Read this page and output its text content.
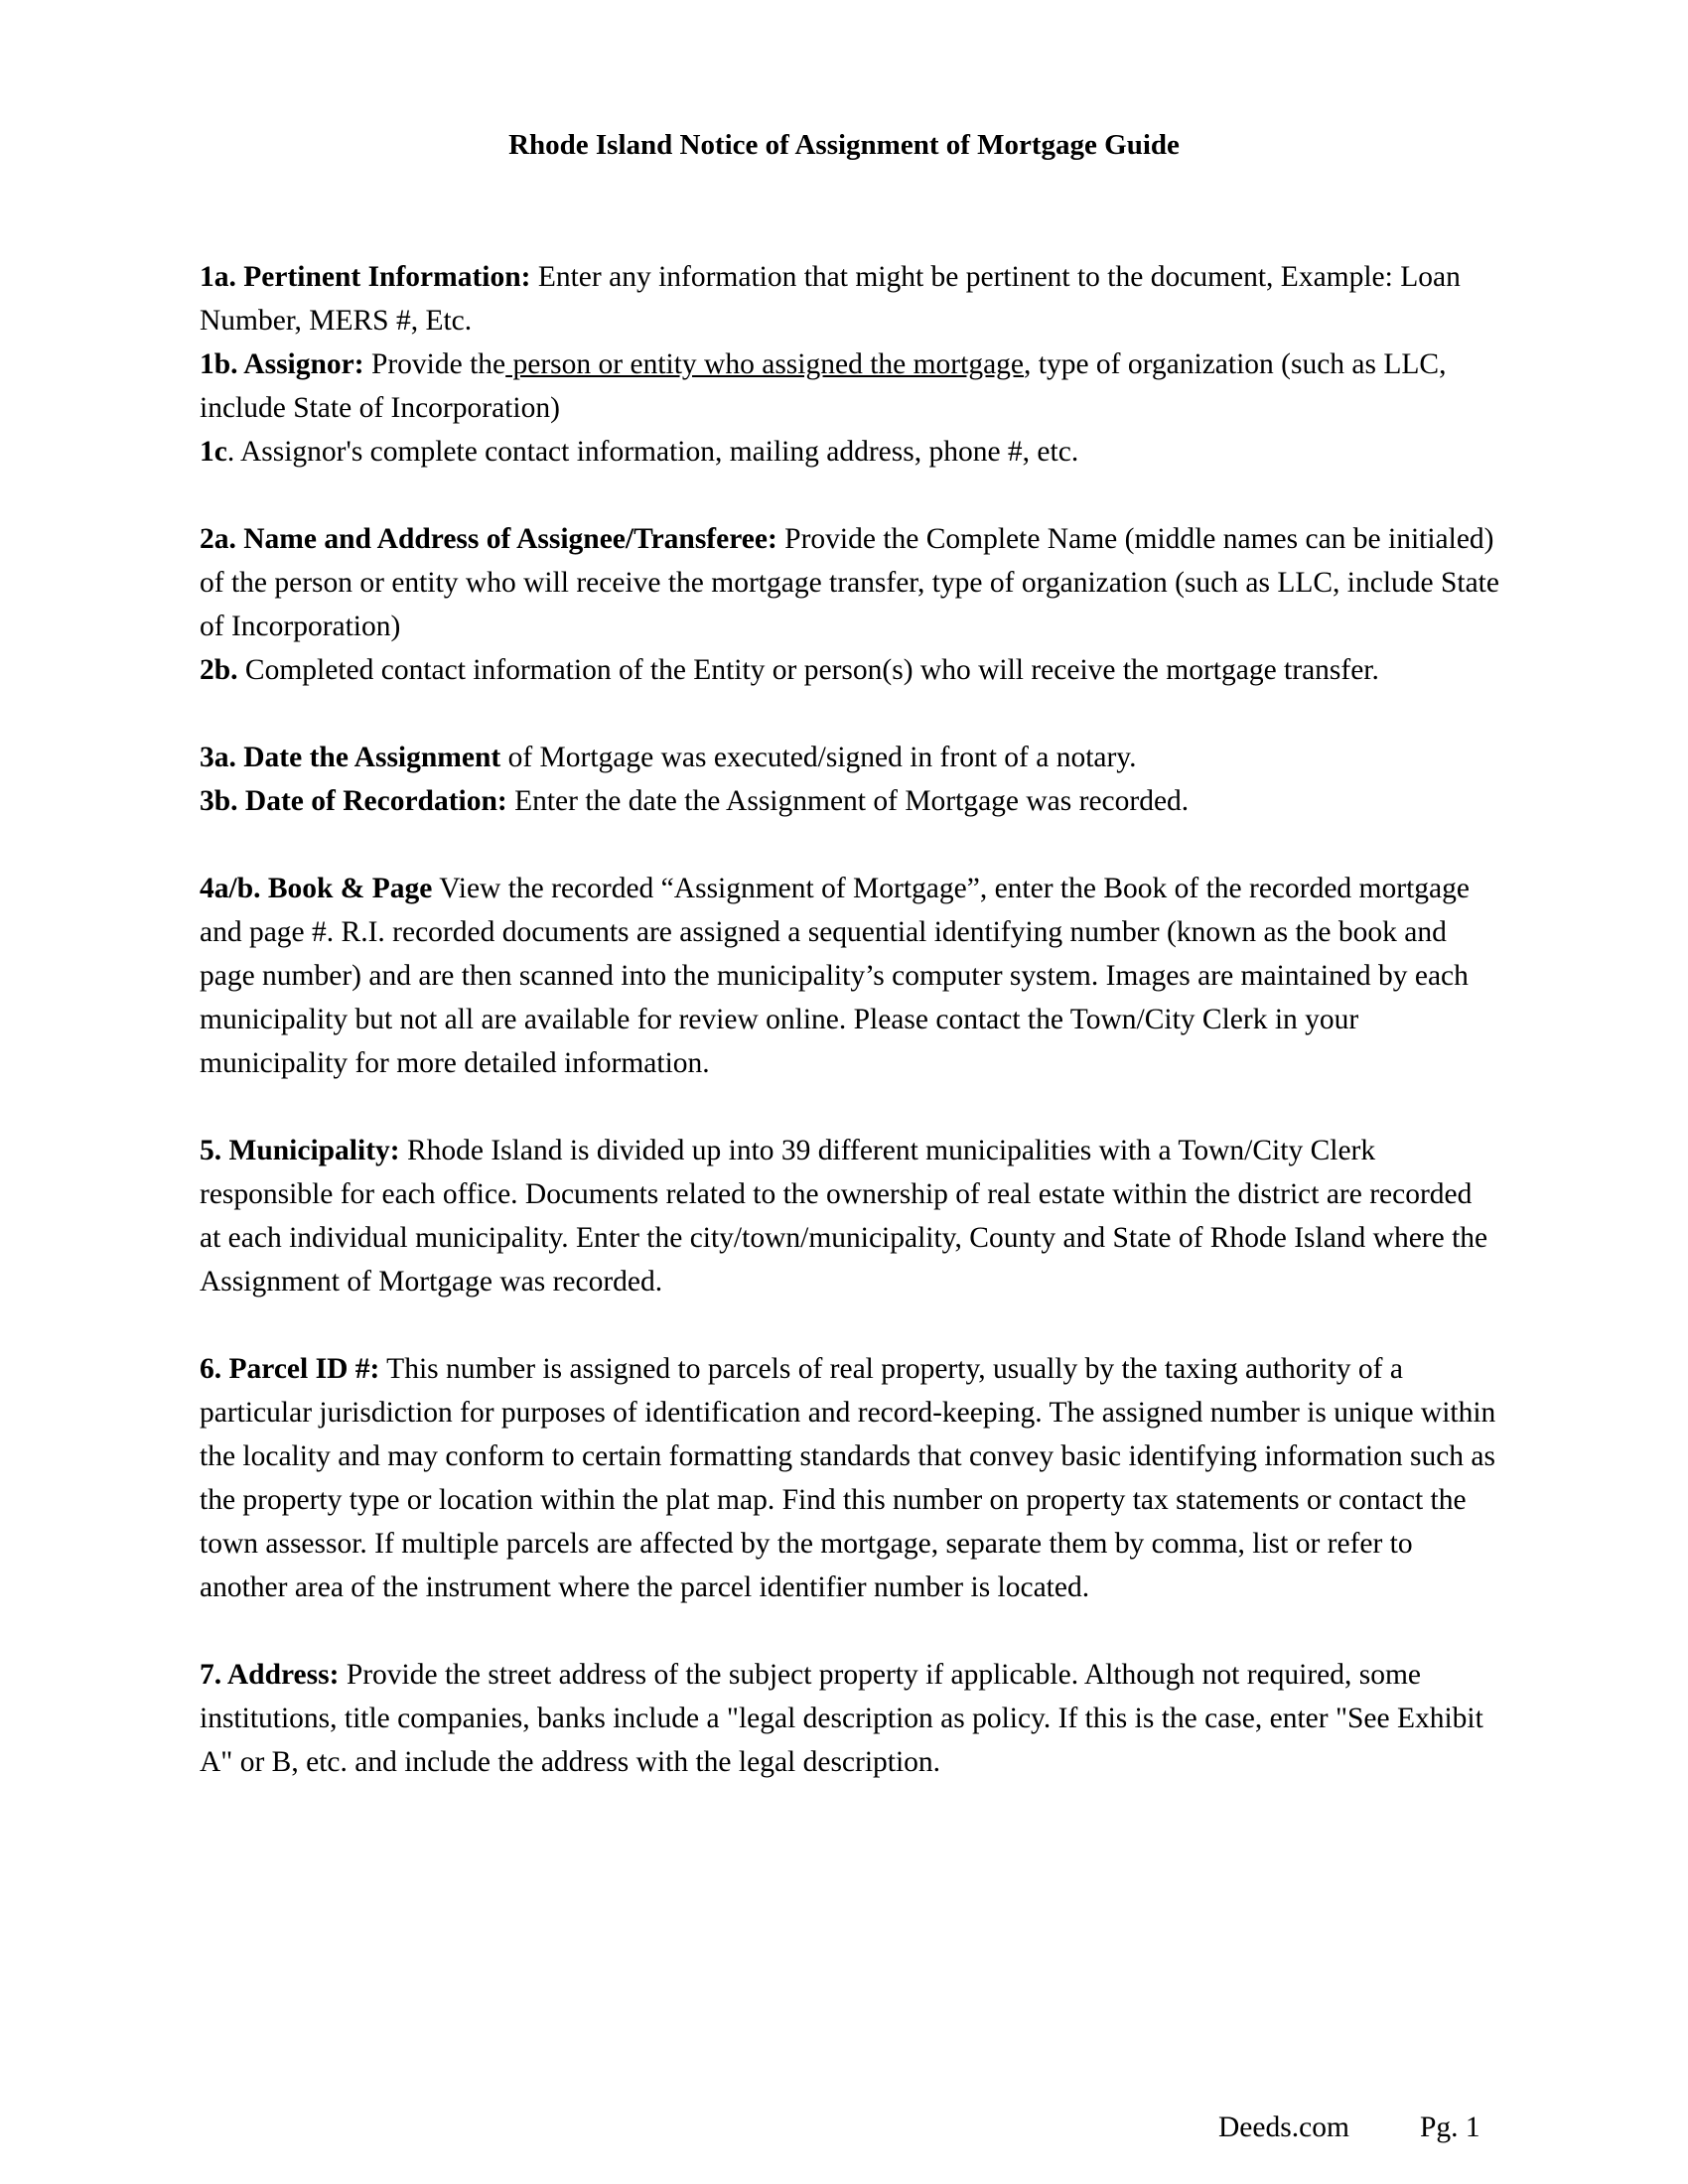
Rhode Island Notice of Assignment of Mortgage Guide

1a. Pertinent Information: Enter any information that might be pertinent to the document, Example: Loan Number, MERS #, Etc.

1b. Assignor: Provide the person or entity who assigned the mortgage, type of organization (such as LLC, include State of Incorporation)

1c. Assignor's complete contact information, mailing address, phone #, etc.

2a. Name and Address of Assignee/Transferee: Provide the Complete Name (middle names can be initialed) of the person or entity who will receive the mortgage transfer, type of organization (such as LLC, include State of Incorporation)

2b. Completed contact information of the Entity or person(s) who will receive the mortgage transfer.

3a. Date the Assignment of Mortgage was executed/signed in front of a notary.

3b. Date of Recordation: Enter the date the Assignment of Mortgage was recorded.

4a/b. Book & Page View the recorded “Assignment of Mortgage”, enter the Book of the recorded mortgage and page #. R.I. recorded documents are assigned a sequential identifying number (known as the book and page number) and are then scanned into the municipality’s computer system. Images are maintained by each municipality but not all are available for review online. Please contact the Town/City Clerk in your municipality for more detailed information.

5. Municipality: Rhode Island is divided up into 39 different municipalities with a Town/City Clerk responsible for each office. Documents related to the ownership of real estate within the district are recorded at each individual municipality. Enter the city/town/municipality, County and State of Rhode Island where the Assignment of Mortgage was recorded.

6. Parcel ID #: This number is assigned to parcels of real property, usually by the taxing authority of a particular jurisdiction for purposes of identification and record-keeping. The assigned number is unique within the locality and may conform to certain formatting standards that convey basic identifying information such as the property type or location within the plat map. Find this number on property tax statements or contact the town assessor. If multiple parcels are affected by the mortgage, separate them by comma, list or refer to another area of the instrument where the parcel identifier number is located.

7. Address: Provide the street address of the subject property if applicable. Although not required, some institutions, title companies, banks include a "legal description as policy. If this is the case, enter "See Exhibit A" or B, etc. and include the address with the legal description.

Deeds.com Pg. 1
